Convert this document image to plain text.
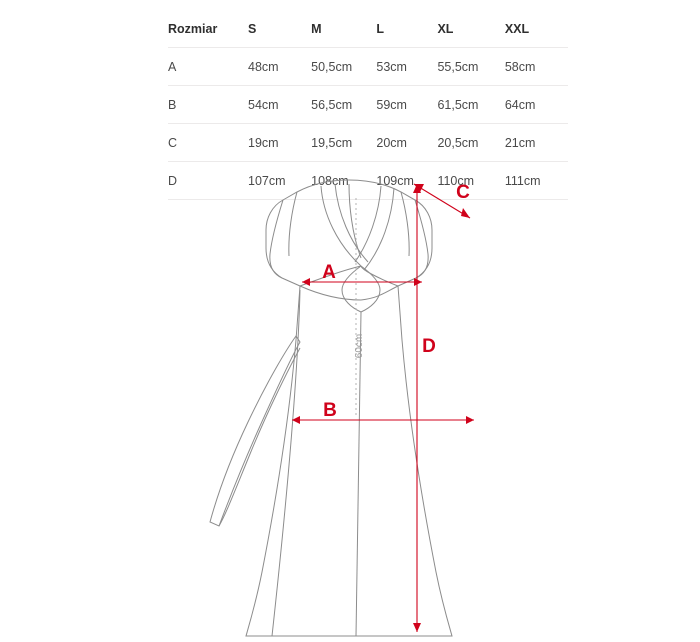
Rozmiar	S	M	L	XL	XXL
A	48cm	50,5cm	53cm	55,5cm	58cm
B	54cm	56,5cm	59cm	61,5cm	64cm
C	19cm	19,5cm	20cm	20,5cm	21cm
D	107cm	108cm	109cm	110cm	111cm
A
B
C
D
60cm
